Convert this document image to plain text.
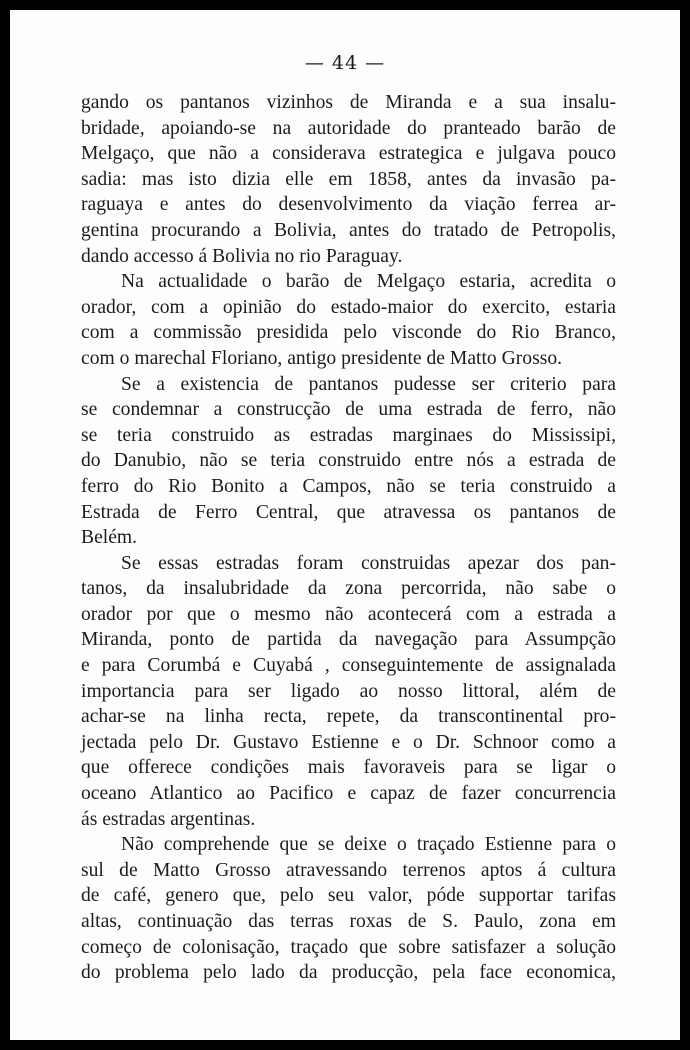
— 44 —
gando os pantanos vizinhos de Miranda e a sua insalu-
bridade, apoiando-se na autoridade do pranteado barão de
Melgaço, que não a considerava estrategica e julgava pouco
sadia: mas isto dizia elle em 1858, antes da invasão pa-
raguaya e antes do desenvolvimento da viação ferrea ar-
gentina procurando a Bolivia, antes do tratado de Petropolis,
dando accesso á Bolivia no rio Paraguay.
Na actualidade o barão de Melgaço estaria, acredita o
orador, com a opinião do estado-maior do exercito, estaria
com a commissão presidida pelo visconde do Rio Branco,
com o marechal Floriano, antigo presidente de Matto Grosso.
Se a existencia de pantanos pudesse ser criterio para
se condemnar a construcção de uma estrada de ferro, não
se teria construido as estradas marginaes do Mississipi,
do Danubio, não se teria construido entre nós a estrada de
ferro do Rio Bonito a Campos, não se teria construido a
Estrada de Ferro Central, que atravessa os pantanos de
Belém.
Se essas estradas foram construidas apezar dos pan-
tanos, da insalubridade da zona percorrida, não sabe o
orador por que o mesmo não acontecerá com a estrada a
Miranda, ponto de partida da navegação para Assumpção
e para Corumbá e Cuyabá , conseguintemente de assignalada
importancia para ser ligado ao nosso littoral, além de
achar-se na linha recta, repete, da transcontinental pro-
jectada pelo Dr. Gustavo Estienne e o Dr. Schnoor como a
que offerece condições mais favoraveis para se ligar o
oceano Atlantico ao Pacifico e capaz de fazer concurrencia
ás estradas argentinas.
Não comprehende que se deixe o traçado Estienne para o
sul de Matto Grosso atravessando terrenos aptos á cultura
de café, genero que, pelo seu valor, póde supportar tarifas
altas, continuação das terras roxas de S. Paulo, zona em
começo de colonisação, traçado que sobre satisfazer a solução
do problema pelo lado da producção, pela face economica,
